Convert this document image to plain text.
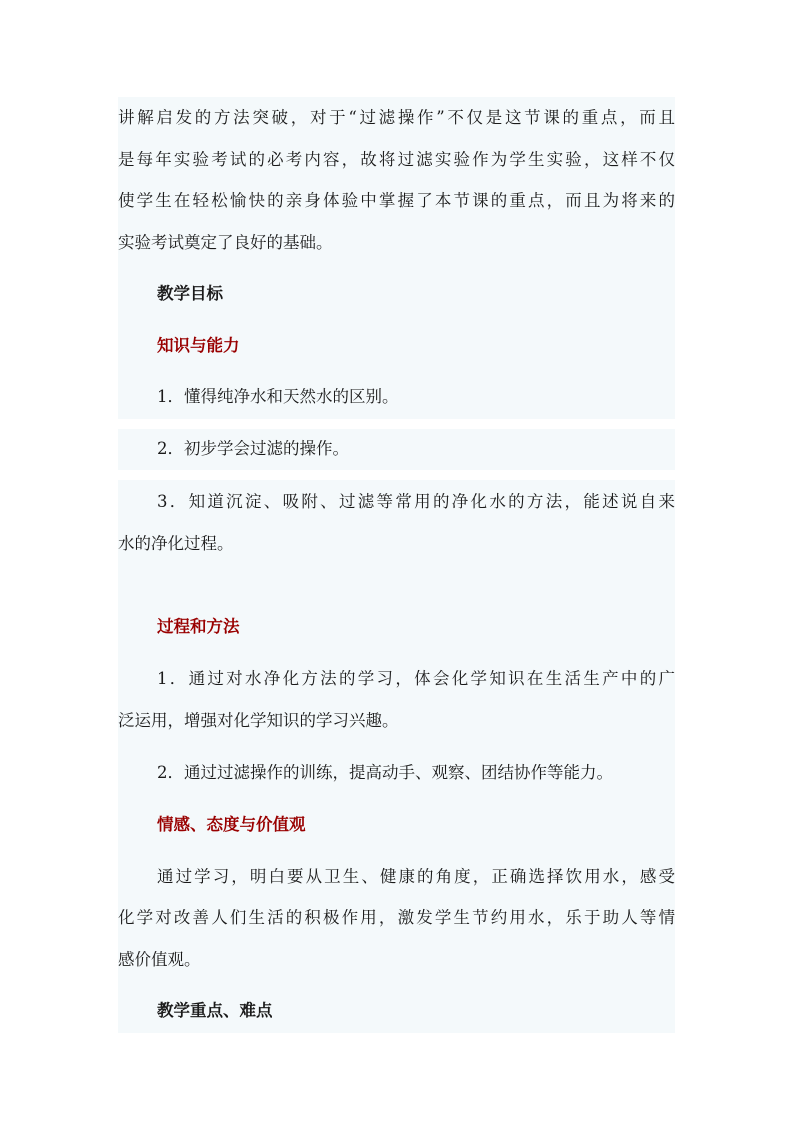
讲解启发的方法突破，对于“过滤操作”不仅是这节课的重点，而且
是每年实验考试的必考内容，故将过滤实验作为学生实验，这样不仅
使学生在轻松愉快的亲身体验中掌握了本节课的重点，而且为将来的
实验考试奠定了良好的基础。
教学目标
知识与能力
1．懂得纯净水和天然水的区别。
2．初步学会过滤的操作。
3．知道沉淀、吸附、过滤等常用的净化水的方法，能述说自来
水的净化过程。
过程和方法
1．通过对水净化方法的学习，体会化学知识在生活生产中的广
泛运用，增强对化学知识的学习兴趣。
2．通过过滤操作的训练，提高动手、观察、团结协作等能力。
情感、态度与价值观
通过学习，明白要从卫生、健康的角度，正确选择饮用水，感受
化学对改善人们生活的积极作用，激发学生节约用水，乐于助人等情
感价值观。
教学重点、难点
